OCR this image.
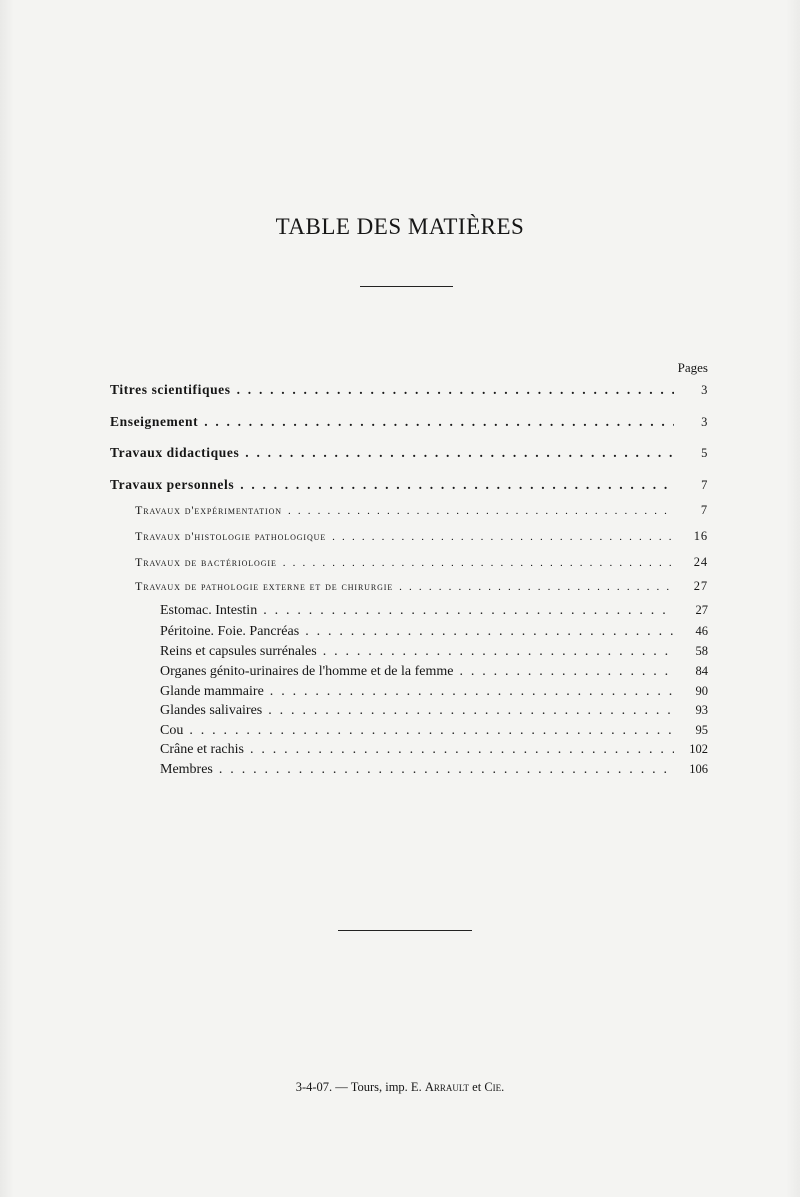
TABLE DES MATIÈRES
Pages
Titres scientifiques . . .	3
Enseignement . . .	3
Travaux didactiques . . .	5
Travaux personnels . . .	7
Travaux d'expérimentation . . .	7
Travaux d'histologie pathologique . . .	16
Travaux de bactériologie . . .	24
Travaux de pathologie externe et de chirurgie . . .	27
Estomac. Intestin . . .	27
Péritoine. Foie. Pancréas . . .	46
Reins et capsules surrénales . . .	58
Organes génito-urinaires de l'homme et de la femme . . .	84
Glande mammaire . . .	90
Glandes salivaires . . .	93
Cou . . .	95
Crâne et rachis . . .	102
Membres . . .	106
3-4-07. — Tours, imp. E. Arrault et Cie.
